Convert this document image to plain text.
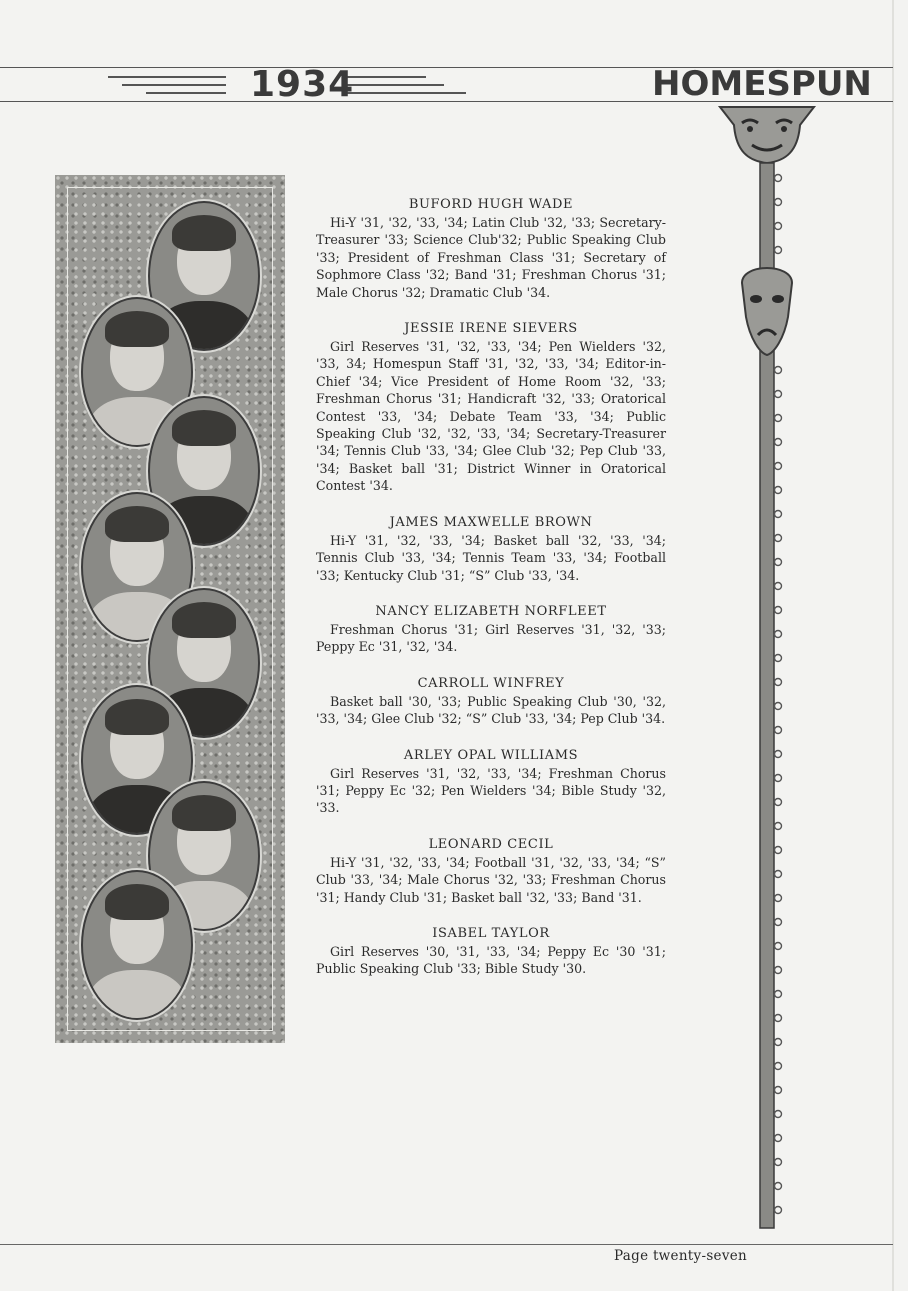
1934	HOMESPUN
BUFORD HUGH WADE
Hi-Y '31, '32, '33, '34; Latin Club '32, '33; Secretary-Treasurer '33; Science Club'32; Public Speaking Club '33; President of Freshman Class '31; Secretary of Sophmore Class '32; Band '31; Freshman Chorus '31; Male Chorus '32; Dramatic Club '34.
JESSIE IRENE SIEVERS
Girl Reserves '31, '32, '33, '34; Pen Wielders '32, '33, 34; Homespun Staff '31, '32, '33, '34; Editor-in-Chief '34; Vice President of Home Room '32, '33; Freshman Chorus '31; Handicraft '32, '33; Oratorical Contest '33, '34; Debate Team '33, '34; Public Speaking Club '32, '32, '33, '34; Secretary-Treasurer '34; Tennis Club '33, '34; Glee Club '32; Pep Club '33, '34; Basket ball '31; District Winner in Oratorical Contest '34.
JAMES MAXWELLE BROWN
Hi-Y '31, '32, '33, '34; Basket ball '32, '33, '34; Tennis Club '33, '34; Tennis Team '33, '34; Football '33; Kentucky Club '31; “S” Club '33, '34.
NANCY ELIZABETH NORFLEET
Freshman Chorus '31; Girl Reserves '31, '32, '33; Peppy Ec '31, '32, '34.
CARROLL WINFREY
Basket ball '30, '33; Public Speaking Club '30, '32, '33, '34; Glee Club '32; “S” Club '33, '34; Pep Club '34.
ARLEY OPAL WILLIAMS
Girl Reserves '31, '32, '33, '34; Freshman Chorus '31; Peppy Ec '32; Pen Wielders '34; Bible Study '32, '33.
LEONARD CECIL
Hi-Y '31, '32, '33, '34; Football '31, '32, '33, '34; “S” Club '33, '34; Male Chorus '32, '33; Freshman Chorus '31; Handy Club '31; Basket ball '32, '33; Band '31.
ISABEL TAYLOR
Girl Reserves '30, '31, '33, '34; Peppy Ec '30 '31; Public Speaking Club '33; Bible Study '30.
Page twenty-seven
